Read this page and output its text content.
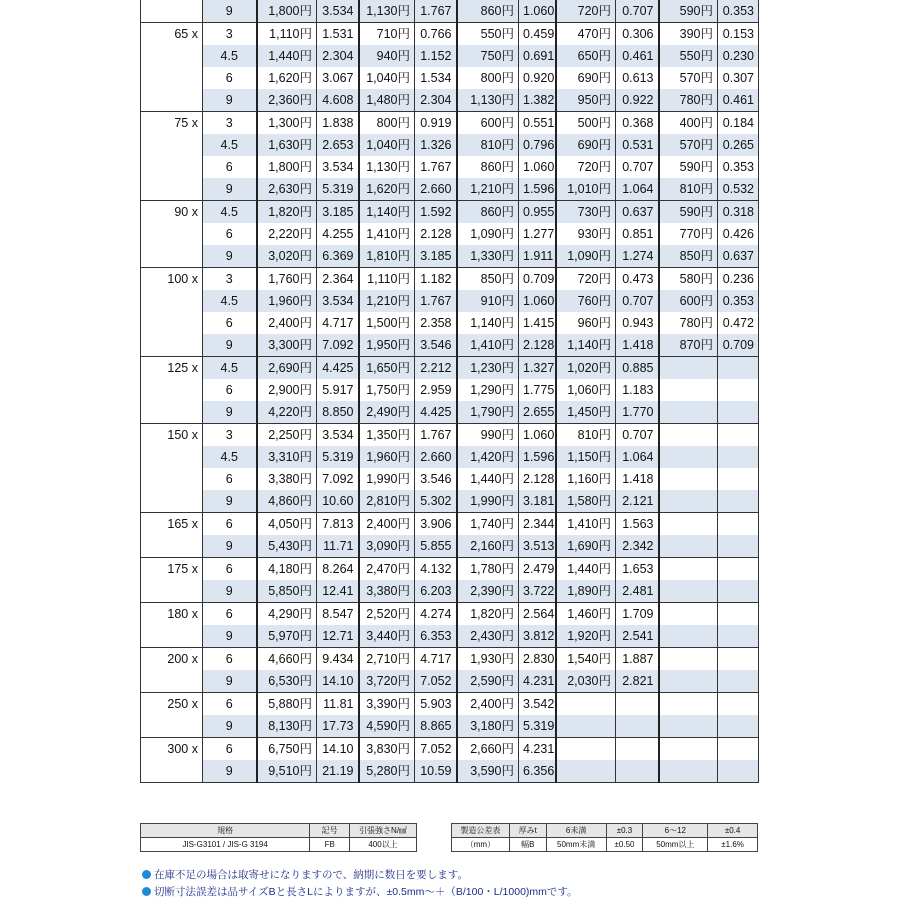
	9	1,800円	3.534	1,130円	1.767	860円	1.060	720円	0.707	590円	0.353
65 x	3	1,110円	1.531	710円	0.766	550円	0.459	470円	0.306	390円	0.153
	4.5	1,440円	2.304	940円	1.152	750円	0.691	650円	0.461	550円	0.230
	6	1,620円	3.067	1,040円	1.534	800円	0.920	690円	0.613	570円	0.307
	9	2,360円	4.608	1,480円	2.304	1,130円	1.382	950円	0.922	780円	0.461
75 x	3	1,300円	1.838	800円	0.919	600円	0.551	500円	0.368	400円	0.184
	4.5	1,630円	2.653	1,040円	1.326	810円	0.796	690円	0.531	570円	0.265
	6	1,800円	3.534	1,130円	1.767	860円	1.060	720円	0.707	590円	0.353
	9	2,630円	5.319	1,620円	2.660	1,210円	1.596	1,010円	1.064	810円	0.532
90 x	4.5	1,820円	3.185	1,140円	1.592	860円	0.955	730円	0.637	590円	0.318
	6	2,220円	4.255	1,410円	2.128	1,090円	1.277	930円	0.851	770円	0.426
	9	3,020円	6.369	1,810円	3.185	1,330円	1.911	1,090円	1.274	850円	0.637
100 x	3	1,760円	2.364	1,110円	1.182	850円	0.709	720円	0.473	580円	0.236
	4.5	1,960円	3.534	1,210円	1.767	910円	1.060	760円	0.707	600円	0.353
	6	2,400円	4.717	1,500円	2.358	1,140円	1.415	960円	0.943	780円	0.472
	9	3,300円	7.092	1,950円	3.546	1,410円	2.128	1,140円	1.418	870円	0.709
125 x	4.5	2,690円	4.425	1,650円	2.212	1,230円	1.327	1,020円	0.885		
	6	2,900円	5.917	1,750円	2.959	1,290円	1.775	1,060円	1.183		
	9	4,220円	8.850	2,490円	4.425	1,790円	2.655	1,450円	1.770		
150 x	3	2,250円	3.534	1,350円	1.767	990円	1.060	810円	0.707		
	4.5	3,310円	5.319	1,960円	2.660	1,420円	1.596	1,150円	1.064		
	6	3,380円	7.092	1,990円	3.546	1,440円	2.128	1,160円	1.418		
	9	4,860円	10.60	2,810円	5.302	1,990円	3.181	1,580円	2.121		
165 x	6	4,050円	7.813	2,400円	3.906	1,740円	2.344	1,410円	1.563		
	9	5,430円	11.71	3,090円	5.855	2,160円	3.513	1,690円	2.342		
175 x	6	4,180円	8.264	2,470円	4.132	1,780円	2.479	1,440円	1.653		
	9	5,850円	12.41	3,380円	6.203	2,390円	3.722	1,890円	2.481		
180 x	6	4,290円	8.547	2,520円	4.274	1,820円	2.564	1,460円	1.709		
	9	5,970円	12.71	3,440円	6.353	2,430円	3.812	1,920円	2.541		
200 x	6	4,660円	9.434	2,710円	4.717	1,930円	2.830	1,540円	1.887		
	9	6,530円	14.10	3,720円	7.052	2,590円	4.231	2,030円	2.821		
250 x	6	5,880円	11.81	3,390円	5.903	2,400円	3.542				
	9	8,130円	17.73	4,590円	8.865	3,180円	5.319				
300 x	6	6,750円	14.10	3,830円	7.052	2,660円	4.231				
	9	9,510円	21.19	5,280円	10.59	3,590円	6.356				
規格	記号	引張強さN/㎟
JIS-G3101 / JIS-G 3194	FB	400以上
製造公差表	厚みt	6未満	±0.3	6〜12	±0.4
（mm）	幅B	50mm未満	±0.50	50mm以上	±1.6%
在庫不足の場合は取寄せになりますので、納期に数日を要します。
切断寸法誤差は品サイズBと長さLによりますが、±0.5mm〜＋（B/100・L/1000)mmです。
